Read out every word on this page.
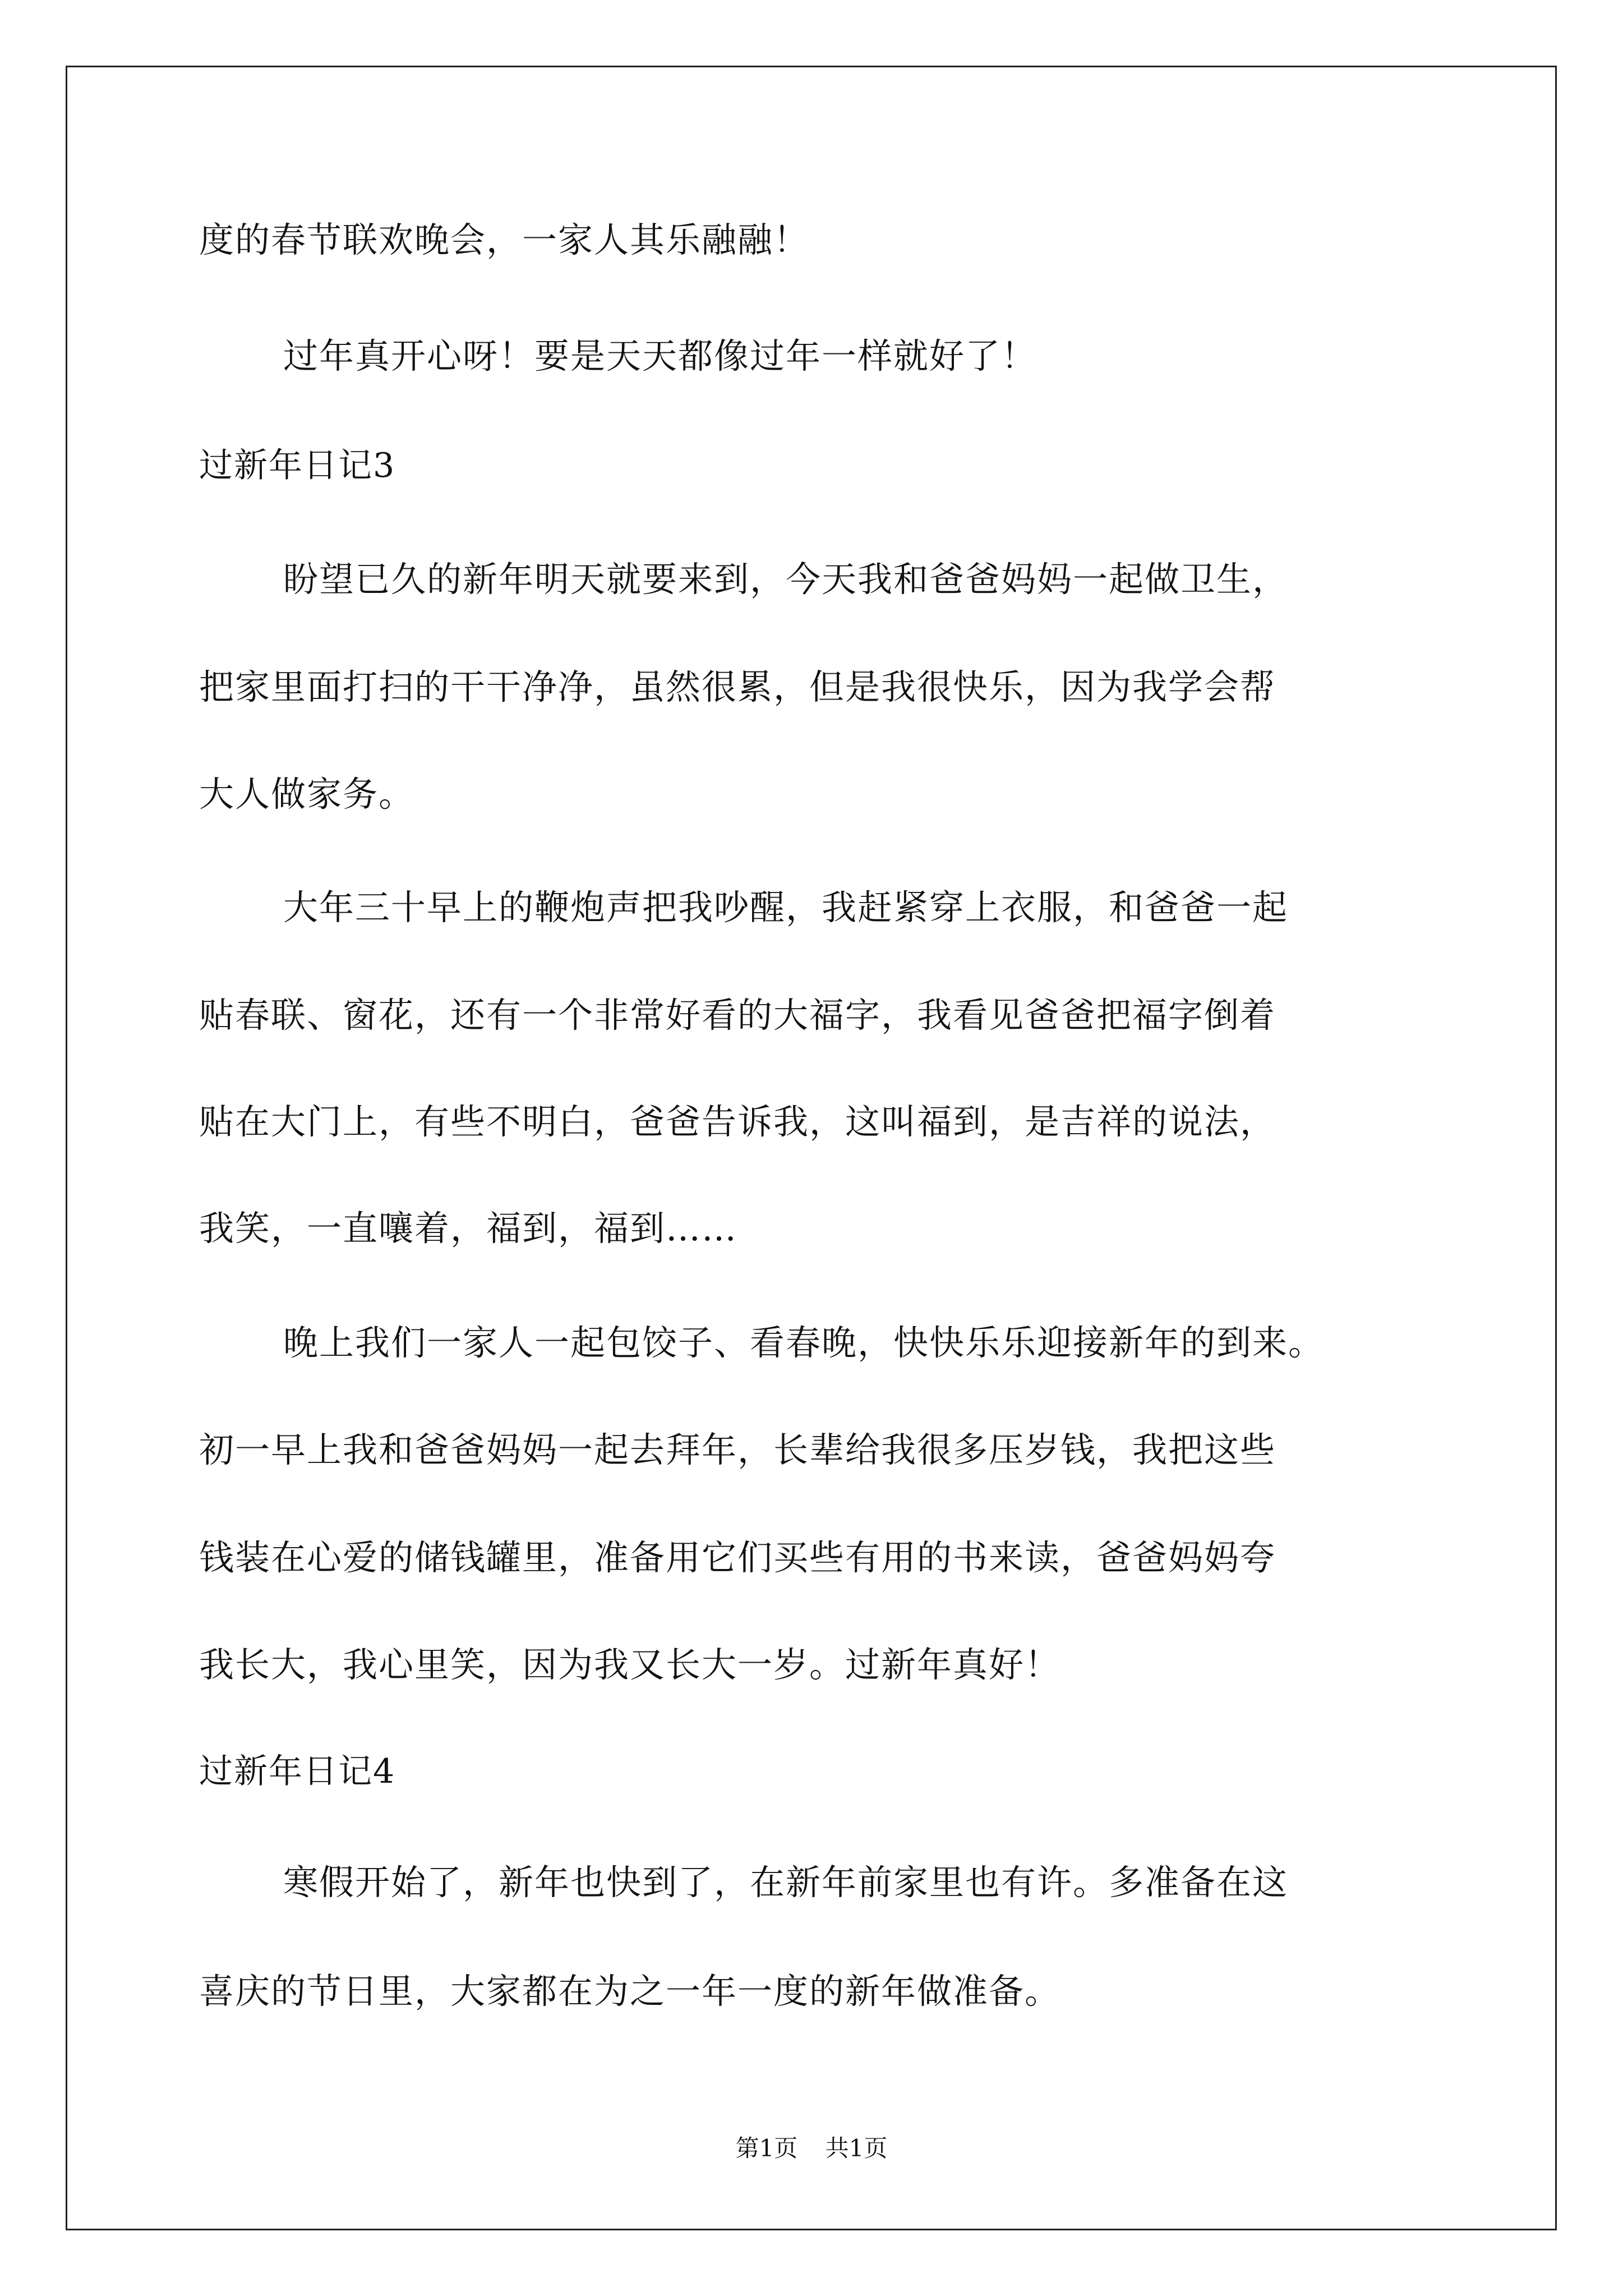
度的春节联欢晚会，一家人其乐融融！
过年真开心呀！要是天天都像过年一样就好了！
过新年日记3
盼望已久的新年明天就要来到，今天我和爸爸妈妈一起做卫生，
把家里面打扫的干干净净，虽然很累，但是我很快乐，因为我学会帮
大人做家务。
大年三十早上的鞭炮声把我吵醒，我赶紧穿上衣服，和爸爸一起
贴春联、窗花，还有一个非常好看的大福字，我看见爸爸把福字倒着
贴在大门上，有些不明白，爸爸告诉我，这叫福到，是吉祥的说法，
我笑，一直嚷着，福到，福到……
晚上我们一家人一起包饺子、看春晚，快快乐乐迎接新年的到来。
初一早上我和爸爸妈妈一起去拜年，长辈给我很多压岁钱，我把这些
钱装在心爱的储钱罐里，准备用它们买些有用的书来读，爸爸妈妈夸
我长大，我心里笑，因为我又长大一岁。过新年真好！
过新年日记4
寒假开始了，新年也快到了，在新年前家里也有许。多准备在这
喜庆的节日里，大家都在为之一年一度的新年做准备。
第1页 共1页
